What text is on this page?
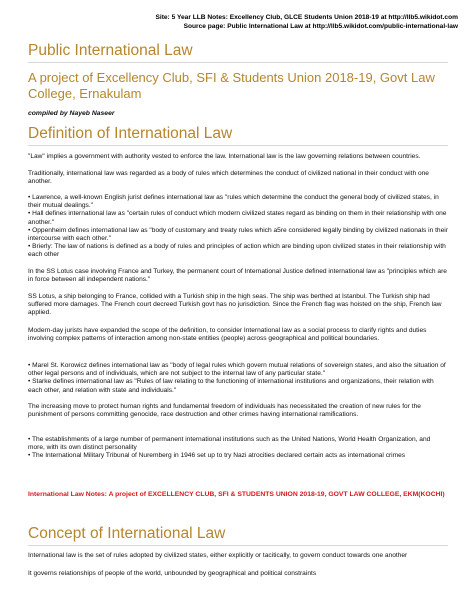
Site: 5 Year LLB Notes: Excellency Club, GLCE Students Union 2018-19 at http://llb5.wikidot.com
Source page: Public International Law at http://llb5.wikidot.com/public-international-law
Public International Law
A project of Excellency Club, SFI & Students Union 2018-19, Govt Law College, Ernakulam
compiled by Nayeb Naseer
Definition of International Law
"Law" implies a government with authority vested to enforce the law. International law is the law governing relations between countries.
Traditionally, international law was regarded as a body of rules which determines the conduct of civilized national in their conduct with one another.
• Lawrence, a well-known English jurist defines international law as "rules which determine the conduct the general body of civilized states, in their mutual dealings."
• Hall defines international law as "certain rules of conduct which modern civilized states regard as binding on them in their relationship with one another."
• Oppenheim defines international law as "body of customary and treaty rules which a5re considered legally binding by civilized nationals in their intercourse with each other."
• Brierly: The law of nations is defined as a body of rules and principles of action which are binding upon civilized states in their relationship with each other
In the SS Lotus case involving France and Turkey, the permanent court of International Justice defined international law as "principles which are in force between all independent nations."
SS Lotus, a ship belonging to France, collided with a Turkish ship in the high seas. The ship was berthed at Istanbul. The Turkish ship had suffered more damages. The French court decreed Turkish govt has no jurisdiction. Since the French flag was hoisted on the ship, French law applied.
Modern-day jurists have expanded the scope of the definition, to consider International law as a social process to clarify rights and duties involving complex patterns of interaction among non-state entities (people) across geographical and political boundaries.
• Marel St. Korowicz defines international law as "body of legal rules which govern mutual relations of sovereign states, and also the situation of other legal persons and of individuals, which are not subject to the internal law of any particular state."
• Starke defines international law as "Rules of law relating to the functioning of international institutions and organizations, their relation with each other, and relation with state and individuals."
The increasing move to protect human rights and fundamental freedom of individuals has necessitated the creation of new rules for the punishment of persons committing genocide, race destruction and other crimes having international ramifications.
• The establishments of a large number of permanent international institutions such as the United Nations, World Health Organization, and more, with its own distinct personality
• The International Military Tribunal of Nuremberg in 1946 set up to try Nazi atrocities declared certain acts as international crimes
International Law Notes: A project of EXCELLENCY CLUB, SFI & STUDENTS UNION 2018-19, GOVT LAW COLLEGE, EKM(KOCHI)
Concept of International Law
International law is the set of rules adopted by civilized states, either explicitly or tacitically, to govern conduct towards one another
It governs relationships of people of the world, unbounded by geographical and political constraints
